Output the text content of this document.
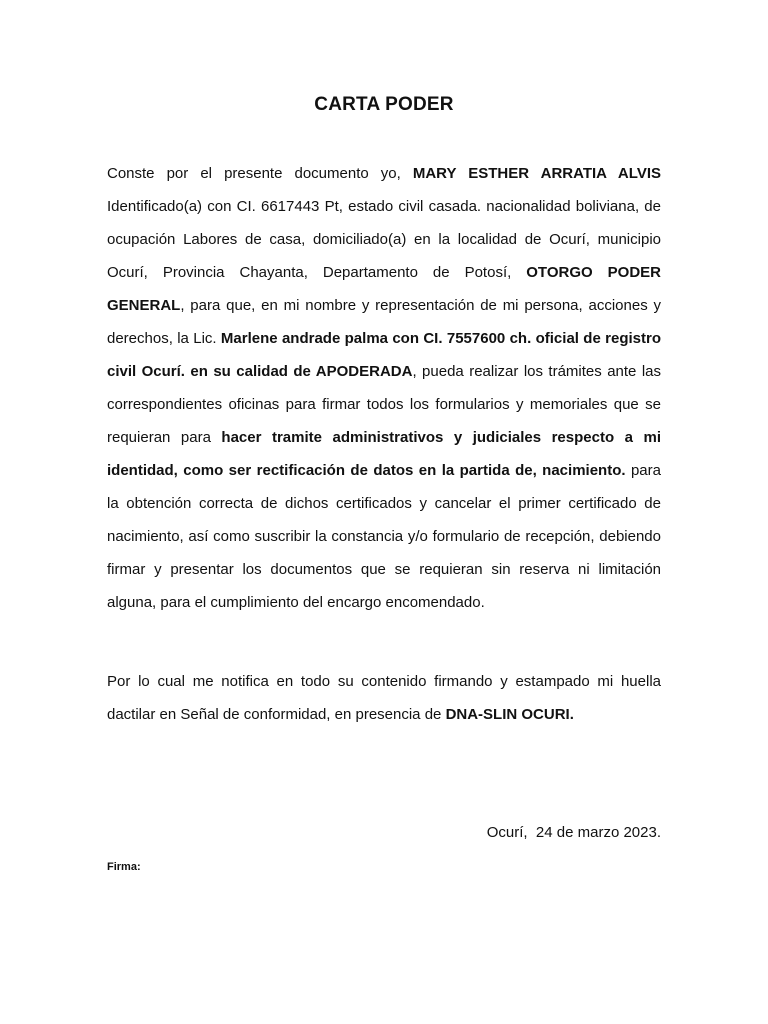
CARTA PODER
Conste por el presente documento yo, MARY ESTHER ARRATIA ALVIS Identificado(a) con CI. 6617443 Pt, estado civil casada. nacionalidad boliviana, de ocupación Labores de casa, domiciliado(a) en la localidad de Ocurí, municipio Ocurí, Provincia Chayanta, Departamento de Potosí, OTORGO PODER GENERAL, para que, en mi nombre y representación de mi persona, acciones y derechos, la Lic. Marlene andrade palma con CI. 7557600 ch. oficial de registro civil Ocurí. en su calidad de APODERADA, pueda realizar los trámites ante las correspondientes oficinas para firmar todos los formularios y memoriales que se requieran para hacer tramite administrativos y judiciales respecto a mi identidad, como ser rectificación de datos en la partida de, nacimiento. para la obtención correcta de dichos certificados y cancelar el primer certificado de nacimiento, así como suscribir la constancia y/o formulario de recepción, debiendo firmar y presentar los documentos que se requieran sin reserva ni limitación alguna, para el cumplimiento del encargo encomendado.
Por lo cual me notifica en todo su contenido firmando y estampado mi huella dactilar en Señal de conformidad, en presencia de DNA-SLIN OCURI.
Ocurí,  24 de marzo 2023.
Firma:
